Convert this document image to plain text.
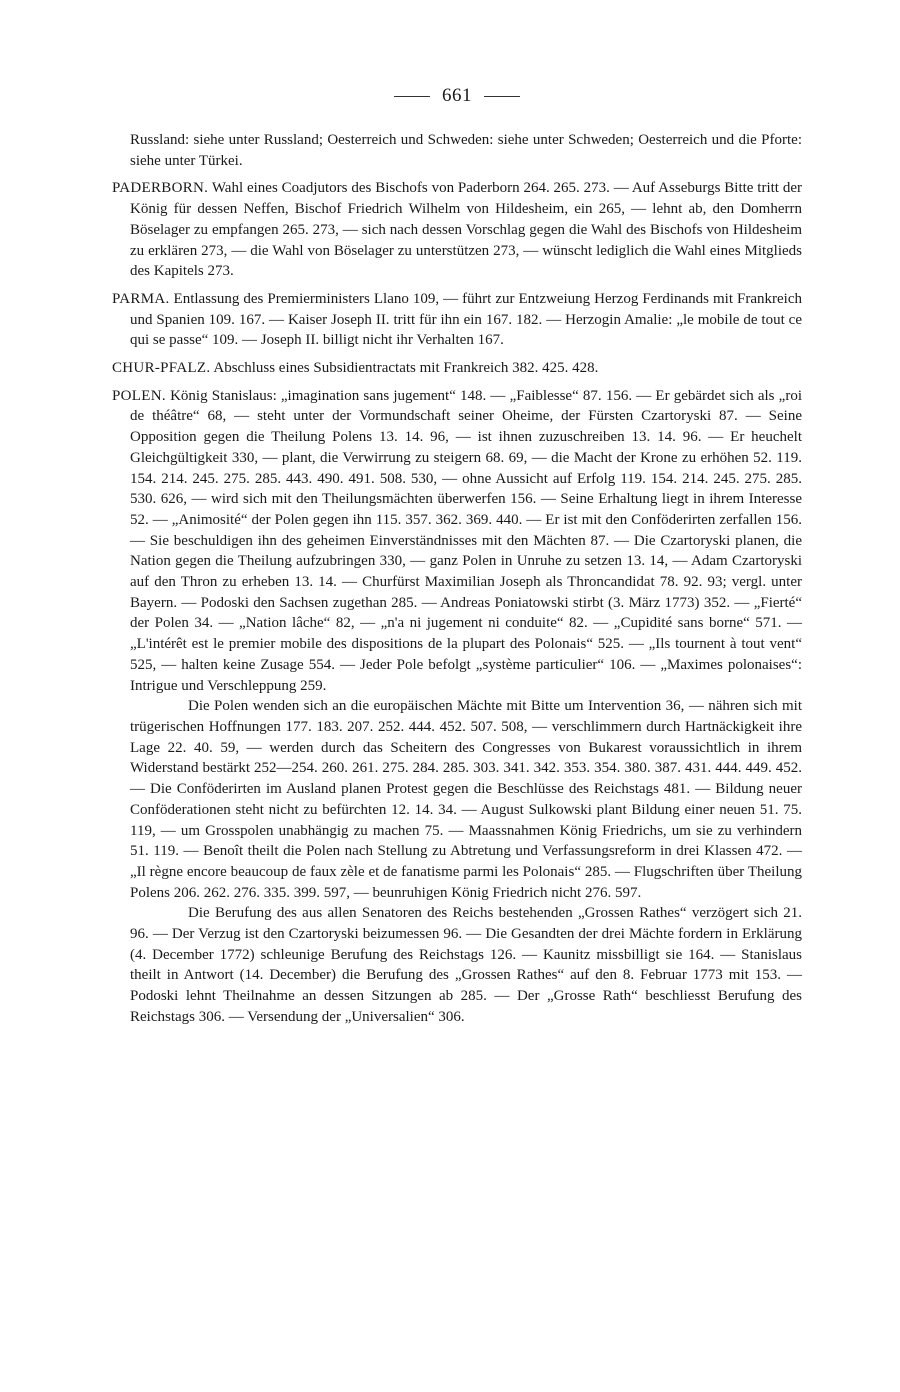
661

Russland: siehe unter Russland; Oesterreich und Schweden: siehe unter Schweden; Oesterreich und die Pforte: siehe unter Türkei.

PADERBORN. Wahl eines Coadjutors des Bischofs von Paderborn 264. 265. 273. — Auf Asseburgs Bitte tritt der König für dessen Neffen, Bischof Friedrich Wilhelm von Hildesheim, ein 265, — lehnt ab, den Domherrn Böselager zu empfangen 265. 273, — sich nach dessen Vorschlag gegen die Wahl des Bischofs von Hildesheim zu erklären 273, — die Wahl von Böselager zu unterstützen 273, — wünscht lediglich die Wahl eines Mitglieds des Kapitels 273.

PARMA. Entlassung des Premierministers Llano 109, — führt zur Entzweiung Herzog Ferdinands mit Frankreich und Spanien 109. 167. — Kaiser Joseph II. tritt für ihn ein 167. 182. — Herzogin Amalie: „le mobile de tout ce qui se passe“ 109. — Joseph II. billigt nicht ihr Verhalten 167.

CHUR-PFALZ. Abschluss eines Subsidientractats mit Frankreich 382. 425. 428.

POLEN. König Stanislaus: „imagination sans jugement“ 148. — „Faiblesse“ 87. 156. — Er gebärdet sich als „roi de théâtre“ 68, — steht unter der Vormundschaft seiner Oheime, der Fürsten Czartoryski 87. — Seine Opposition gegen die Theilung Polens 13. 14. 96, — ist ihnen zuzuschreiben 13. 14. 96. — Er heuchelt Gleichgültigkeit 330, — plant, die Verwirrung zu steigern 68. 69, — die Macht der Krone zu erhöhen 52. 119. 154. 214. 245. 275. 285. 443. 490. 491. 508. 530, — ohne Aussicht auf Erfolg 119. 154. 214. 245. 275. 285. 530. 626, — wird sich mit den Theilungsmächten überwerfen 156. — Seine Erhaltung liegt in ihrem Interesse 52. — „Animosité“ der Polen gegen ihn 115. 357. 362. 369. 440. — Er ist mit den Conföderirten zerfallen 156. — Sie beschuldigen ihn des geheimen Einverständnisses mit den Mächten 87. — Die Czartoryski planen, die Nation gegen die Theilung aufzubringen 330, — ganz Polen in Unruhe zu setzen 13. 14, — Adam Czartoryski auf den Thron zu erheben 13. 14. — Churfürst Maximilian Joseph als Throncandidat 78. 92. 93; vergl. unter Bayern. — Podoski den Sachsen zugethan 285. — Andreas Poniatowski stirbt (3. März 1773) 352. — „Fierté“ der Polen 34. — „Nation lâche“ 82, — „n'a ni jugement ni conduite“ 82. — „Cupidité sans borne“ 571. — „L'intérêt est le premier mobile des dispositions de la plupart des Polonais“ 525. — „Ils tournent à tout vent“ 525, — halten keine Zusage 554. — Jeder Pole befolgt „système particulier“ 106. — „Maximes polonaises“: Intrigue und Verschleppung 259.

Die Polen wenden sich an die europäischen Mächte mit Bitte um Intervention 36, — nähren sich mit trügerischen Hoffnungen 177. 183. 207. 252. 444. 452. 507. 508, — verschlimmern durch Hartnäckigkeit ihre Lage 22. 40. 59, — werden durch das Scheitern des Congresses von Bukarest voraussichtlich in ihrem Widerstand bestärkt 252—254. 260. 261. 275. 284. 285. 303. 341. 342. 353. 354. 380. 387. 431. 444. 449. 452. — Die Conföderirten im Ausland planen Protest gegen die Beschlüsse des Reichstags 481. — Bildung neuer Conföderationen steht nicht zu befürchten 12. 14. 34. — August Sulkowski plant Bildung einer neuen 51. 75. 119, — um Grosspolen unabhängig zu machen 75. — Maassnahmen König Friedrichs, um sie zu verhindern 51. 119. — Benoît theilt die Polen nach Stellung zu Abtretung und Verfassungsreform in drei Klassen 472. — „Il règne encore beaucoup de faux zèle et de fanatisme parmi les Polonais“ 285. — Flugschriften über Theilung Polens 206. 262. 276. 335. 399. 597, — beunruhigen König Friedrich nicht 276. 597.

Die Berufung des aus allen Senatoren des Reichs bestehenden „Grossen Rathes“ verzögert sich 21. 96. — Der Verzug ist den Czartoryski beizumessen 96. — Die Gesandten der drei Mächte fordern in Erklärung (4. December 1772) schleunige Berufung des Reichstags 126. — Kaunitz missbilligt sie 164. — Stanislaus theilt in Antwort (14. December) die Berufung des „Grossen Rathes“ auf den 8. Februar 1773 mit 153. — Podoski lehnt Theilnahme an dessen Sitzungen ab 285. — Der „Grosse Rath“ beschliesst Berufung des Reichstags 306. — Versendung der „Universalien“ 306.
